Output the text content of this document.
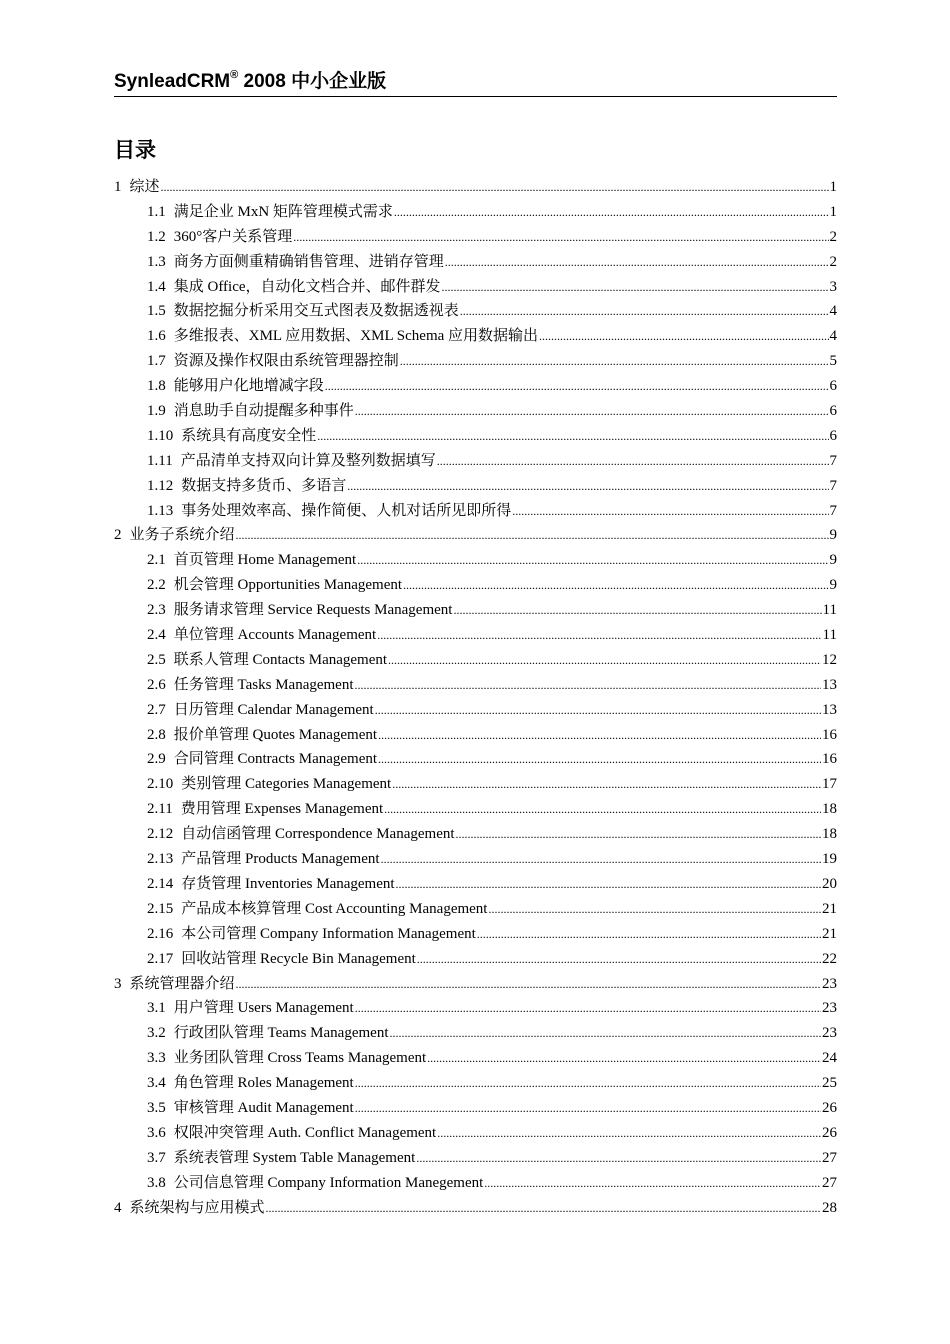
SynleadCRM® 2008 中小企业版
目录
1 综述 .....	1
1.1 满足企业 MxN 矩阵管理模式需求 .....	1
1.2 360°客户关系管理 .....	2
1.3 商务方面侧重精确销售管理、进销存管理 .....	2
1.4 集成 Office，自动化文档合并、邮件群发 .....	3
1.5 数据挖掘分析采用交互式图表及数据透视表 .....	4
1.6 多维报表、XML 应用数据、XML Schema 应用数据输出 .....	4
1.7 资源及操作权限由系统管理器控制 .....	5
1.8 能够用户化地增减字段 .....	6
1.9 消息助手自动提醒多种事件 .....	6
1.10 系统具有高度安全性 .....	6
1.11 产品清单支持双向计算及整列数据填写 .....	7
1.12 数据支持多货币、多语言 .....	7
1.13 事务处理效率高、操作简便、人机对话所见即所得 .....	7
2 业务子系统介绍 .....	9
2.1 首页管理 Home Management .....	9
2.2 机会管理 Opportunities Management .....	9
2.3 服务请求管理 Service Requests Management .....	11
2.4 单位管理 Accounts Management .....	11
2.5 联系人管理 Contacts Management .....	12
2.6 任务管理 Tasks Management .....	13
2.7 日历管理 Calendar Management .....	13
2.8 报价单管理 Quotes Management .....	16
2.9 合同管理 Contracts Management .....	16
2.10 类别管理 Categories Management .....	17
2.11 费用管理 Expenses Management .....	18
2.12 自动信函管理 Correspondence Management .....	18
2.13 产品管理 Products Management .....	19
2.14 存货管理 Inventories Management .....	20
2.15 产品成本核算管理 Cost Accounting Management .....	21
2.16 本公司管理 Company Information Management .....	21
2.17 回收站管理 Recycle Bin Management .....	22
3 系统管理器介绍 .....	23
3.1 用户管理 Users Management .....	23
3.2 行政团队管理 Teams Management .....	23
3.3 业务团队管理 Cross Teams Management .....	24
3.4 角色管理 Roles Management .....	25
3.5 审核管理 Audit Management .....	26
3.6 权限冲突管理 Auth. Conflict Management .....	26
3.7 系统表管理 System Table Management .....	27
3.8 公司信息管理 Company Information Manegement .....	27
4 系统架构与应用模式 .....	28
